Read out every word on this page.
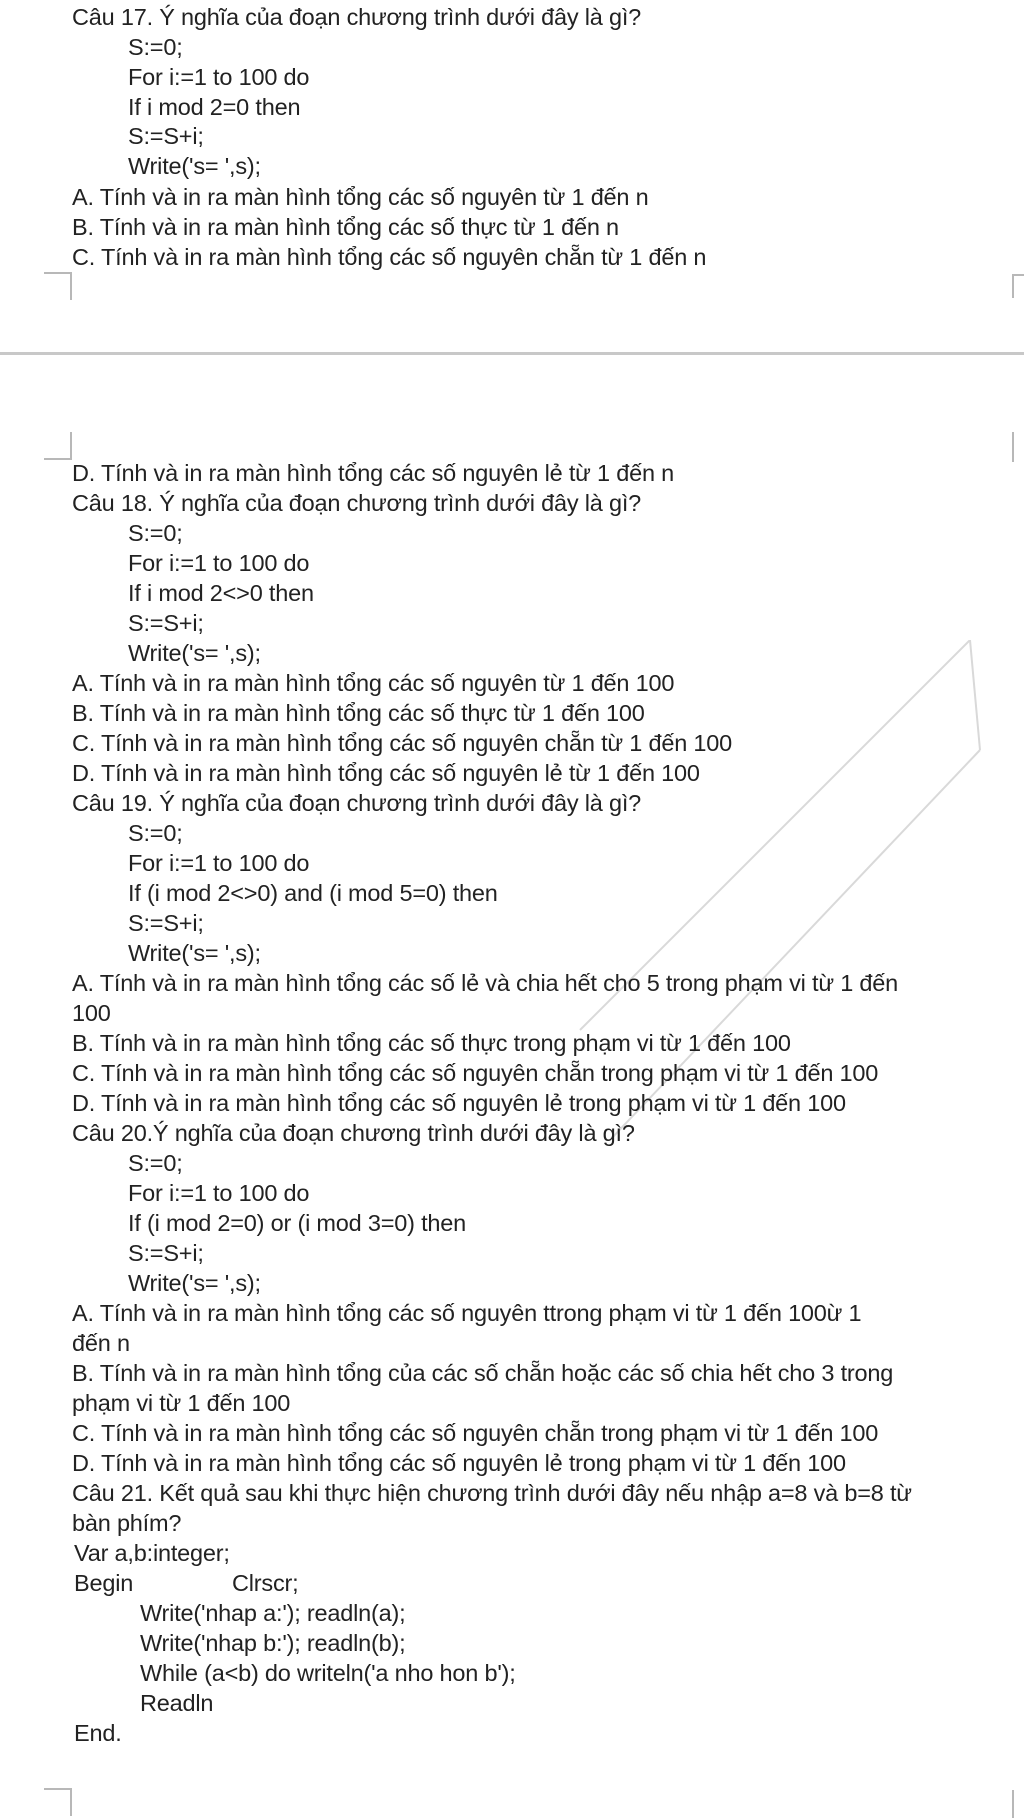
Câu 17. Ý nghĩa của đoạn chương trình dưới đây là gì?
S:=0;
For i:=1 to 100 do
If i mod 2=0 then
S:=S+i;
Write('s= ',s);
A. Tính và in ra màn hình tổng các số nguyên từ 1 đến n
B. Tính và in ra màn hình tổng các số thực từ 1 đến n
C. Tính và in ra màn hình tổng các số nguyên chẵn từ 1 đến n
D. Tính và in ra màn hình tổng các số nguyên lẻ từ 1 đến n
Câu 18. Ý nghĩa của đoạn chương trình dưới đây là gì?
S:=0;
For i:=1 to 100 do
If i mod 2<>0 then
S:=S+i;
Write('s= ',s);
A. Tính và in ra màn hình tổng các số nguyên từ 1 đến 100
B. Tính và in ra màn hình tổng các số thực từ 1 đến 100
C. Tính và in ra màn hình tổng các số nguyên chẵn từ 1 đến 100
D. Tính và in ra màn hình tổng các số nguyên lẻ từ 1 đến 100
Câu 19. Ý nghĩa của đoạn chương trình dưới đây là gì?
S:=0;
For i:=1 to 100 do
If (i mod 2<>0) and (i mod 5=0) then
S:=S+i;
Write('s= ',s);
A. Tính và in ra màn hình tổng các số lẻ và chia hết cho 5 trong phạm vi từ 1 đến
100
B. Tính và in ra màn hình tổng các số thực trong phạm vi từ 1 đến 100
C. Tính và in ra màn hình tổng các số nguyên chẵn trong phạm vi từ 1 đến 100
D. Tính và in ra màn hình tổng các số nguyên lẻ trong phạm vi từ 1 đến 100
Câu 20.Ý nghĩa của đoạn chương trình dưới đây là gì?
S:=0;
For i:=1 to 100 do
If (i mod 2=0) or (i mod 3=0) then
S:=S+i;
Write('s= ',s);
A. Tính và in ra màn hình tổng các số nguyên ttrong phạm vi từ 1 đến 100ừ 1
đến n
B. Tính và in ra màn hình tổng của các số chẵn hoặc các số chia hết cho 3 trong
phạm vi từ 1 đến 100
C. Tính và in ra màn hình tổng các số nguyên chẵn trong phạm vi từ 1 đến 100
D. Tính và in ra màn hình tổng các số nguyên lẻ trong phạm vi từ 1 đến 100
Câu 21. Kết quả sau khi thực hiện chương trình dưới đây nếu nhập a=8 và b=8 từ
bàn phím?
Var a,b:integer;
Begin	Clrscr;
Write('nhap a:'); readln(a);
Write('nhap b:'); readln(b);
While (a<b) do writeln('a nho hon b');
Readln
End.
